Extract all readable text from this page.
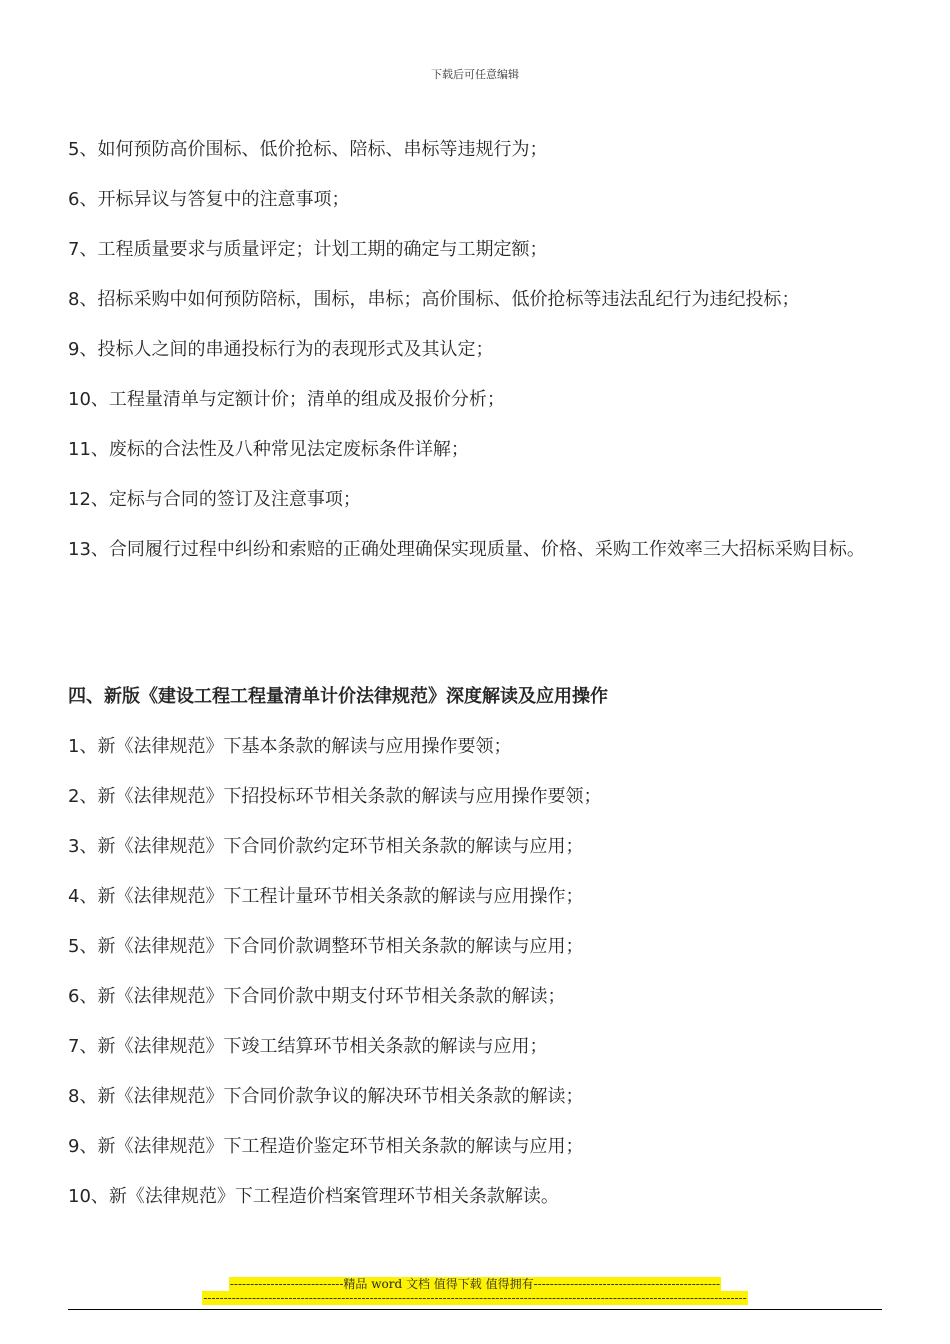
下载后可任意编辑
5、如何预防高价围标、低价抢标、陪标、串标等违规行为；
6、开标异议与答复中的注意事项；
7、工程质量要求与质量评定；计划工期的确定与工期定额；
8、招标采购中如何预防陪标，围标，串标；高价围标、低价抢标等违法乱纪行为违纪投标；
9、投标人之间的串通投标行为的表现形式及其认定；
10、工程量清单与定额计价；清单的组成及报价分析；
11、废标的合法性及八种常见法定废标条件详解；
12、定标与合同的签订及注意事项；
13、合同履行过程中纠纷和索赔的正确处理确保实现质量、价格、采购工作效率三大招标采购目标。
四、新版《建设工程工程量清单计价法律规范》深度解读及应用操作
1、新《法律规范》下基本条款的解读与应用操作要领；
2、新《法律规范》下招投标环节相关条款的解读与应用操作要领；
3、新《法律规范》下合同价款约定环节相关条款的解读与应用；
4、新《法律规范》下工程计量环节相关条款的解读与应用操作；
5、新《法律规范》下合同价款调整环节相关条款的解读与应用；
6、新《法律规范》下合同价款中期支付环节相关条款的解读；
7、新《法律规范》下竣工结算环节相关条款的解读与应用；
8、新《法律规范》下合同价款争议的解决环节相关条款的解读；
9、新《法律规范》下工程造价鉴定环节相关条款的解读与应用；
10、新《法律规范》下工程造价档案管理环节相关条款解读。
----------------------------精品 word 文档 值得下载 值得拥有----------------------------------------------
--------------------------------------------------------------------------------------------------------------------------------------
